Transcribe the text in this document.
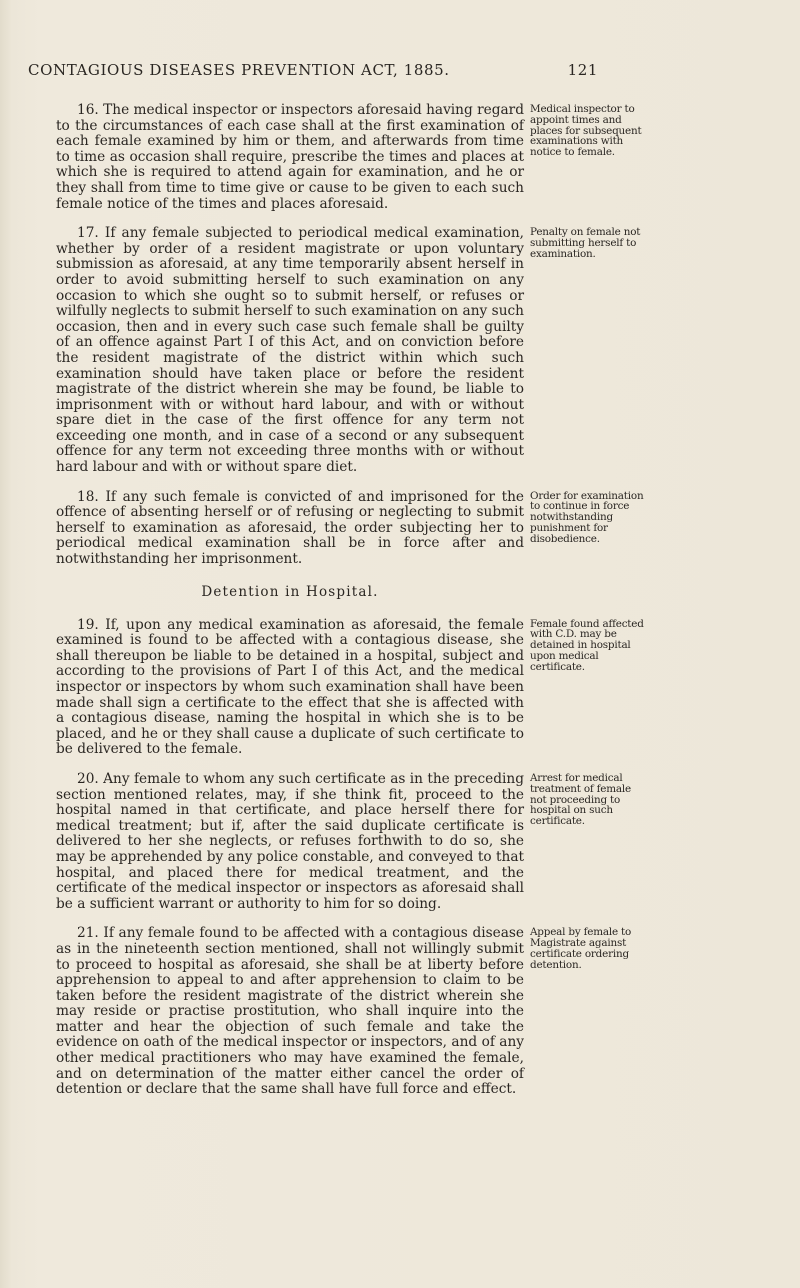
CONTAGIOUS DISEASES PREVENTION ACT, 1885.	121

16. The medical inspector or inspectors aforesaid having regard to the circumstances of each case shall at the first examination of each female examined by him or them, and afterwards from time to time as occasion shall require, prescribe the times and places at which she is required to attend again for examination, and he or they shall from time to time give or cause to be given to each such female notice of the times and places aforesaid.

Medical inspector to appoint times and places for subsequent examinations with notice to female.

17. If any female subjected to periodical medical examination, whether by order of a resident magistrate or upon voluntary submission as aforesaid, at any time temporarily absent herself in order to avoid submitting herself to such examination on any occasion to which she ought so to submit herself, or refuses or wilfully neglects to submit herself to such examination on any such occasion, then and in every such case such female shall be guilty of an offence against Part I of this Act, and on conviction before the resident magistrate of the district within which such examination should have taken place or before the resident magistrate of the district wherein she may be found, be liable to imprisonment with or without hard labour, and with or without spare diet in the case of the first offence for any term not exceeding one month, and in case of a second or any subsequent offence for any term not exceeding three months with or without hard labour and with or without spare diet.

Penalty on female not submitting herself to examination.

18. If any such female is convicted of and imprisoned for the offence of absenting herself or of refusing or neglecting to submit herself to examination as aforesaid, the order subjecting her to periodical medical examination shall be in force after and notwithstanding her imprisonment.

Order for examination to continue in force notwithstanding punishment for disobedience.
Detention in Hospital.

19. If, upon any medical examination as aforesaid, the female examined is found to be affected with a contagious disease, she shall thereupon be liable to be detained in a hospital, subject and according to the provisions of Part I of this Act, and the medical inspector or inspectors by whom such examination shall have been made shall sign a certificate to the effect that she is affected with a contagious disease, naming the hospital in which she is to be placed, and he or they shall cause a duplicate of such certificate to be delivered to the female.

Female found affected with C.D. may be detained in hospital upon medical certificate.

20. Any female to whom any such certificate as in the preceding section mentioned relates, may, if she think fit, proceed to the hospital named in that certificate, and place herself there for medical treatment; but if, after the said duplicate certificate is delivered to her she neglects, or refuses forthwith to do so, she may be apprehended by any police constable, and conveyed to that hospital, and placed there for medical treatment, and the certificate of the medical inspector or inspectors as aforesaid shall be a sufficient warrant or authority to him for so doing.

Arrest for medical treatment of female not proceeding to hospital on such certificate.

21. If any female found to be affected with a contagious disease as in the nineteenth section mentioned, shall not willingly submit to proceed to hospital as aforesaid, she shall be at liberty before apprehension to appeal to and after apprehension to claim to be taken before the resident magistrate of the district wherein she may reside or practise prostitution, who shall inquire into the matter and hear the objection of such female and take the evidence on oath of the medical inspector or inspectors, and of any other medical practitioners who may have examined the female, and on determination of the matter either cancel the order of detention or declare that the same shall have full force and effect.

Appeal by female to Magistrate against certificate ordering detention.
